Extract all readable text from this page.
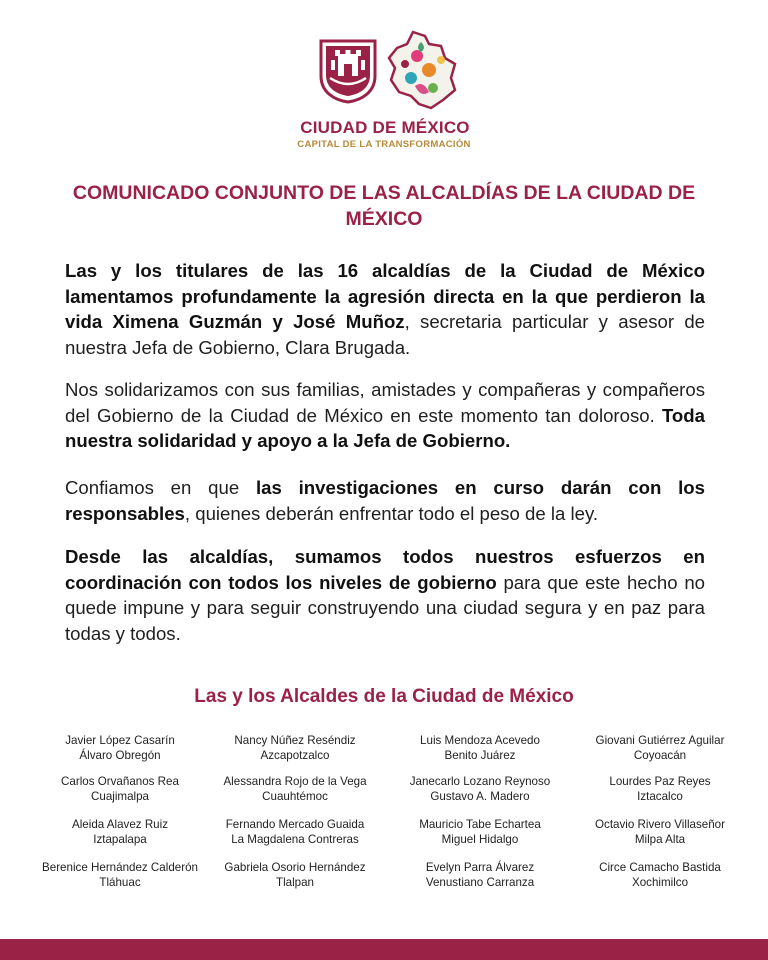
CIUDAD DE MÉXICO
CAPITAL DE LA TRANSFORMACIÓN
COMUNICADO CONJUNTO DE LAS ALCALDÍAS DE LA CIUDAD DE MÉXICO

Las y los titulares de las 16 alcaldías de la Ciudad de México lamentamos profundamente la agresión directa en la que perdieron la vida Ximena Guzmán y José Muñoz, secretaria particular y asesor de nuestra Jefa de Gobierno, Clara Brugada.

Nos solidarizamos con sus familias, amistades y compañeras y compañeros del Gobierno de la Ciudad de México en este momento tan doloroso. Toda nuestra solidaridad y apoyo a la Jefa de Gobierno.

Confiamos en que las investigaciones en curso darán con los responsables, quienes deberán enfrentar todo el peso de la ley.

Desde las alcaldías, sumamos todos nuestros esfuerzos en coordinación con todos los niveles de gobierno para que este hecho no quede impune y para seguir construyendo una ciudad segura y en paz para todas y todos.

Las y los Alcaldes de la Ciudad de México
Javier López Casarín
Álvaro Obregón
Nancy Núñez Reséndiz
Azcapotzalco
Luis Mendoza Acevedo
Benito Juárez
Giovani Gutiérrez Aguilar
Coyoacán
Carlos Orvañanos Rea
Cuajimalpa
Alessandra Rojo de la Vega
Cuauhtémoc
Janecarlo Lozano Reynoso
Gustavo A. Madero
Lourdes Paz Reyes
Iztacalco
Aleida Alavez Ruiz
Iztapalapa
Fernando Mercado Guaida
La Magdalena Contreras
Mauricio Tabe Echartea
Miguel Hidalgo
Octavio Rivero Villaseñor
Milpa Alta
Berenice Hernández Calderón
Tláhuac
Gabriela Osorio Hernández
Tlalpan
Evelyn Parra Álvarez
Venustiano Carranza
Circe Camacho Bastida
Xochimilco
